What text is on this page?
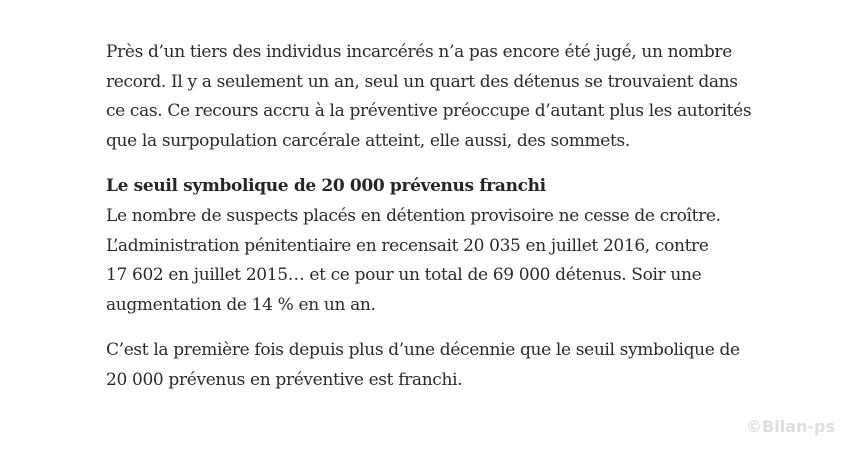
Près d’un tiers des individus incarcérés n’a pas encore été jugé, un nombre
record. Il y a seulement un an, seul un quart des détenus se trouvaient dans
ce cas. Ce recours accru à la préventive préoccupe d’autant plus les autorités
que la surpopulation carcérale atteint, elle aussi, des sommets.

Le seuil symbolique de 20 000 prévenus franchi

Le nombre de suspects placés en détention provisoire ne cesse de croître.
L’administration pénitentiaire en recensait 20 035 en juillet 2016, contre
17 602 en juillet 2015… et ce pour un total de 69 000 détenus. Soir une
augmentation de 14 % en un an.

C’est la première fois depuis plus d’une décennie que le seuil symbolique de
20 000 prévenus en préventive est franchi.

©Bilan-ps
